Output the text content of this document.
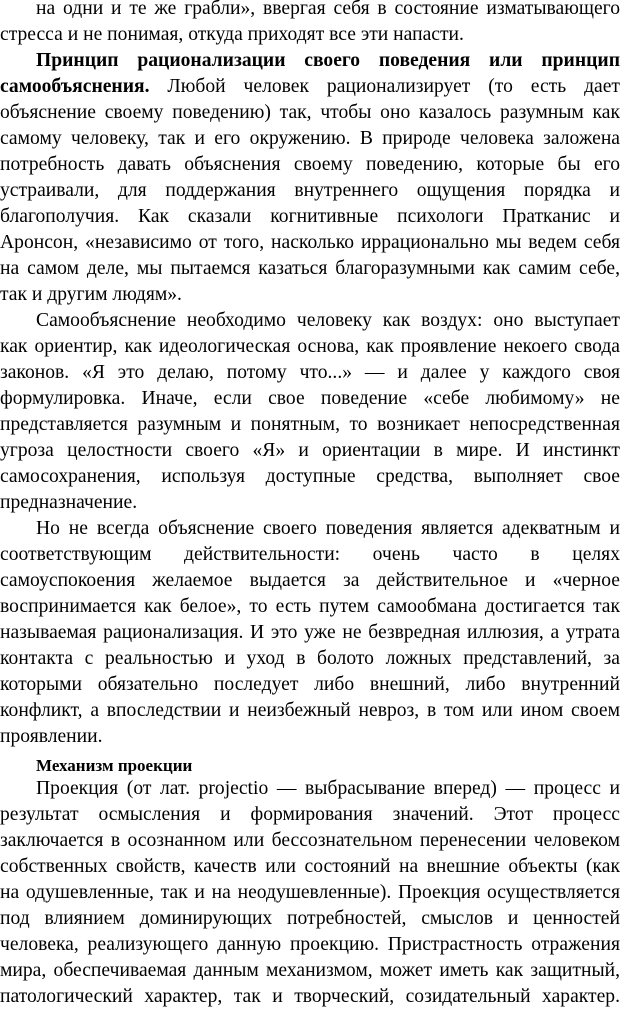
на одни и те же грабли», ввергая себя в состояние изматывающего
стресса и не понимая, откуда приходят все эти напасти.
Принцип рационализации своего поведения или принцип
самообъяснения. Любой человек рационализирует (то есть дает
объяснение своему поведению) так, чтобы оно казалось разумным как
самому человеку, так и его окружению. В природе человека заложена
потребность давать объяснения своему поведению, которые бы его
устраивали, для поддержания внутреннего ощущения порядка и
благополучия. Как сказали когнитивные психологи Пратканис и
Аронсон, «независимо от того, насколько иррационально мы ведем себя
на самом деле, мы пытаемся казаться благоразумными как самим себе,
так и другим людям».
Самообъяснение необходимо человеку как воздух: оно выступает
как ориентир, как идеологическая основа, как проявление некоего свода
законов. «Я это делаю, потому что...» — и далее у каждого своя
формулировка. Иначе, если свое поведение «себе любимому» не
представляется разумным и понятным, то возникает непосредственная
угроза целостности своего «Я» и ориентации в мире. И инстинкт
самосохранения, используя доступные средства, выполняет свое
предназначение.
Но не всегда объяснение своего поведения является адекватным и
соответствующим действительности: очень часто в целях
самоуспокоения желаемое выдается за действительное и «черное
воспринимается как белое», то есть путем самообмана достигается так
называемая рационализация. И это уже не безвредная иллюзия, а утрата
контакта с реальностью и уход в болото ложных представлений, за
которыми обязательно последует либо внешний, либо внутренний
конфликт, а впоследствии и неизбежный невроз, в том или ином своем
проявлении.
Механизм проекции
Проекция (от лат. projectio — выбрасывание вперед) — процесс и
результат осмысления и формирования значений. Этот процесс
заключается в осознанном или бессознательном перенесении человеком
собственных свойств, качеств или состояний на внешние объекты (как
на одушевленные, так и на неодушевленные). Проекция осуществляется
под влиянием доминирующих потребностей, смыслов и ценностей
человека, реализующего данную проекцию. Пристрастность отражения
мира, обеспечиваемая данным механизмом, может иметь как защитный,
патологический характер, так и творческий, созидательный характер.
